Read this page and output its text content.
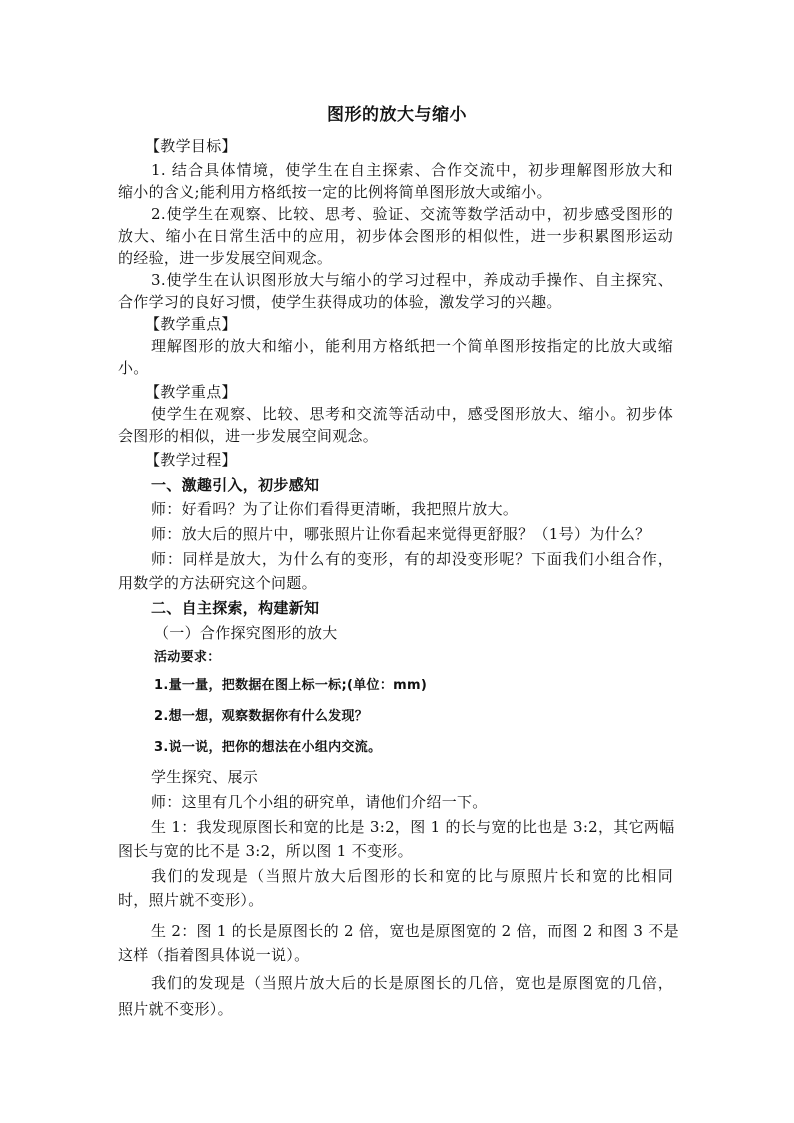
图形的放大与缩小
【教学目标】
1. 结合具体情境，使学生在自主探索、合作交流中，初步理解图形放大和
缩小的含义;能利用方格纸按一定的比例将简单图形放大或缩小。
2.使学生在观察、比较、思考、验证、交流等数学活动中，初步感受图形的
放大、缩小在日常生活中的应用，初步体会图形的相似性，进一步积累图形运动
的经验，进一步发展空间观念。
3.使学生在认识图形放大与缩小的学习过程中，养成动手操作、自主探究、
合作学习的良好习惯，使学生获得成功的体验，激发学习的兴趣。
【教学重点】
理解图形的放大和缩小，能利用方格纸把一个简单图形按指定的比放大或缩
小。
【教学重点】
使学生在观察、比较、思考和交流等活动中，感受图形放大、缩小。初步体
会图形的相似，进一步发展空间观念。
【教学过程】
一、激趣引入，初步感知
师：好看吗？为了让你们看得更清晰，我把照片放大。
师：放大后的照片中，哪张照片让你看起来觉得更舒服？（1号）为什么？
师：同样是放大，为什么有的变形，有的却没变形呢？下面我们小组合作，
用数学的方法研究这个问题。
二、自主探索，构建新知
（一）合作探究图形的放大
活动要求：
1.量一量，把数据在图上标一标;(单位：mm)
2.想一想，观察数据你有什么发现？
3.说一说，把你的想法在小组内交流。
学生探究、展示
师：这里有几个小组的研究单，请他们介绍一下。
生 1：我发现原图长和宽的比是 3:2，图 1 的长与宽的比也是 3:2，其它两幅
图长与宽的比不是 3:2，所以图 1 不变形。
我们的发现是（当照片放大后图形的长和宽的比与原照片长和宽的比相同
时，照片就不变形）。
生 2：图 1 的长是原图长的 2 倍，宽也是原图宽的 2 倍，而图 2 和图 3 不是
这样（指着图具体说一说）。
我们的发现是（当照片放大后的长是原图长的几倍，宽也是原图宽的几倍，
照片就不变形）。
